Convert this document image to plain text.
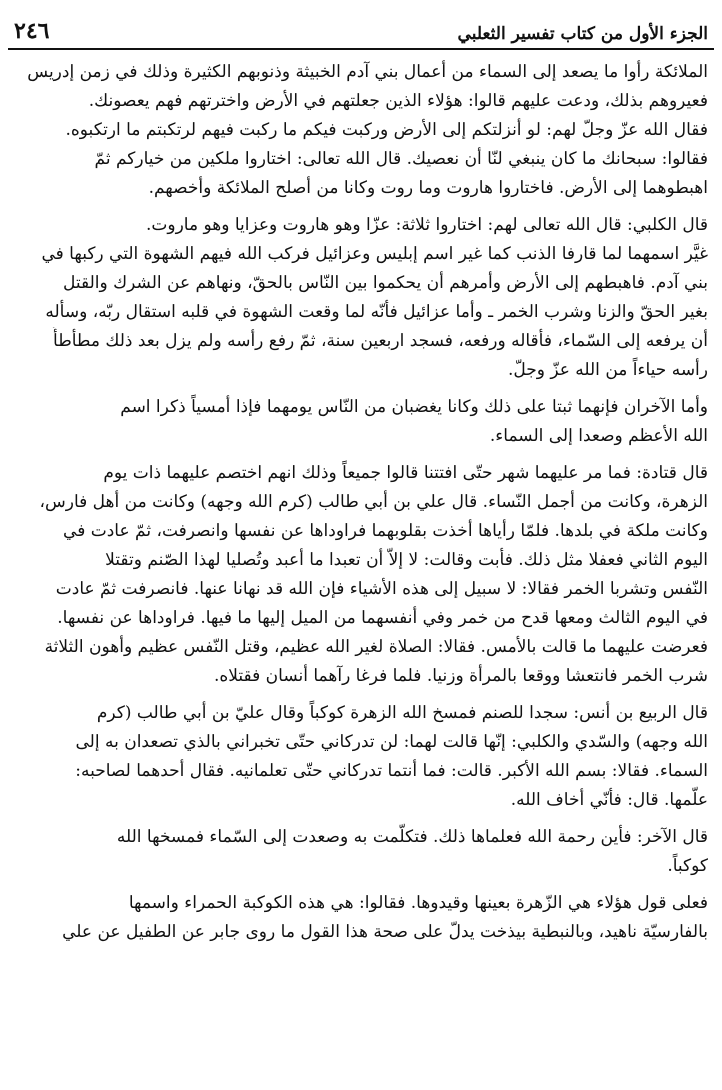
٢٤٦	الجزء الأول من كتاب تفسير الثعلبي

الملائكة رأوا ما يصعد إلى السماء من أعمال بني آدم الخبيثة وذنوبهم الكثيرة وذلك في زمن إدريس
فعيروهم بذلك، ودعت عليهم قالوا: هؤلاء الذين جعلتهم في الأرض واخترتهم فهم يعصونك.
فقال الله عزّ وجلّ لهم: لو أنزلتكم إلى الأرض وركبت فيكم ما ركبت فيهم لرتكبتم ما ارتكبوه.
فقالوا: سبحانك ما كان ينبغي لنّا أن نعصيك. قال الله تعالى: اختاروا ملكين من خياركم ثمّ
اهبطوهما إلى الأرض. فاختاروا هاروت وما روت وكانا من أصلح الملائكة وأخصهم.

قال الكلبي: قال الله تعالى لهم: اختاروا ثلاثة: عزّا وهو هاروت وعزايا وهو ماروت.
غيَّر اسمهما لما قارفا الذنب كما غير اسم إبليس وعزائيل فركب الله فيهم الشهوة التي ركبها في
بني آدم. فاهبطهم إلى الأرض وأمرهم أن يحكموا بين النّاس بالحقّ، ونهاهم عن الشرك والقتل
بغير الحقّ والزنا وشرب الخمر ـ وأما عزائيل فأنّه لما وقعت الشهوة في قلبه استقال ربّه، وسأله
أن يرفعه إلى السّماء، فأقاله ورفعه، فسجد اربعين سنة، ثمّ رفع رأسه ولم يزل بعد ذلك مطأطأً
رأسه حياءاً من الله عزّ وجلّ.

وأما الآخران فإنهما ثبتا على ذلك وكانا يغضبان من النّاس يومهما فإذا أمسياً ذكرا اسم
الله الأعظم وصعدا إلى السماء.

قال قتادة: فما مر عليهما شهر حتّى افتتنا قالوا جميعاً وذلك انهم اختصم عليهما ذات يوم
الزهرة، وكانت من أجمل النّساء. قال علي بن أبي طالب (كرم الله وجهه) وكانت من أهل فارس،
وكانت ملكة في بلدها. فلمّا رأياها أخذت بقلوبهما فراوداها عن نفسها وانصرفت، ثمّ عادت في
اليوم الثاني فعفلا مثل ذلك. فأبت وقالت: لا إلاّ أن تعبدا ما أعبد وتُصليا لهذا الصّنم وتقتلا
النّفس وتشربا الخمر فقالا: لا سبيل إلى هذه الأشياء فإن الله قد نهانا عنها. فانصرفت ثمّ عادت
في اليوم الثالث ومعها قدح من خمر وفي أنفسهما من الميل إليها ما فيها. فراوداها عن نفسها.
فعرضت عليهما ما قالت بالأمس. فقالا: الصلاة لغير الله عظيم، وقتل النّفس عظيم وأهون الثلاثة
شرب الخمر فانتعشا ووقعا بالمرأة وزنيا. فلما فرغا رآهما أنسان فقتلاه.

قال الربيع بن أنس: سجدا للصنم فمسخ الله الزهرة كوكباً وقال عليّ بن أبي طالب (كرم
الله وجهه) والسّدي والكلبي: إنّها قالت لهما: لن تدركاني حتّى تخبراني بالذي تصعدان به إلى
السماء. فقالا: بسم الله الأكبر. قالت: فما أنتما تدركاني حتّى تعلمانيه. فقال أحدهما لصاحبه:
علّمها. قال: فأنّي أخاف الله.

قال الآخر: فأين رحمة الله فعلماها ذلك. فتكلّمت به وصعدت إلى السّماء فمسخها الله
كوكباً.

فعلى قول هؤلاء هي الزّهرة بعينها وقيدوها. فقالوا: هي هذه الكوكبة الحمراء واسمها
بالفارسيّة ناهيد، وبالنبطية بيذخت يدلّ على صحة هذا القول ما روى جابر عن الطفيل عن علي
